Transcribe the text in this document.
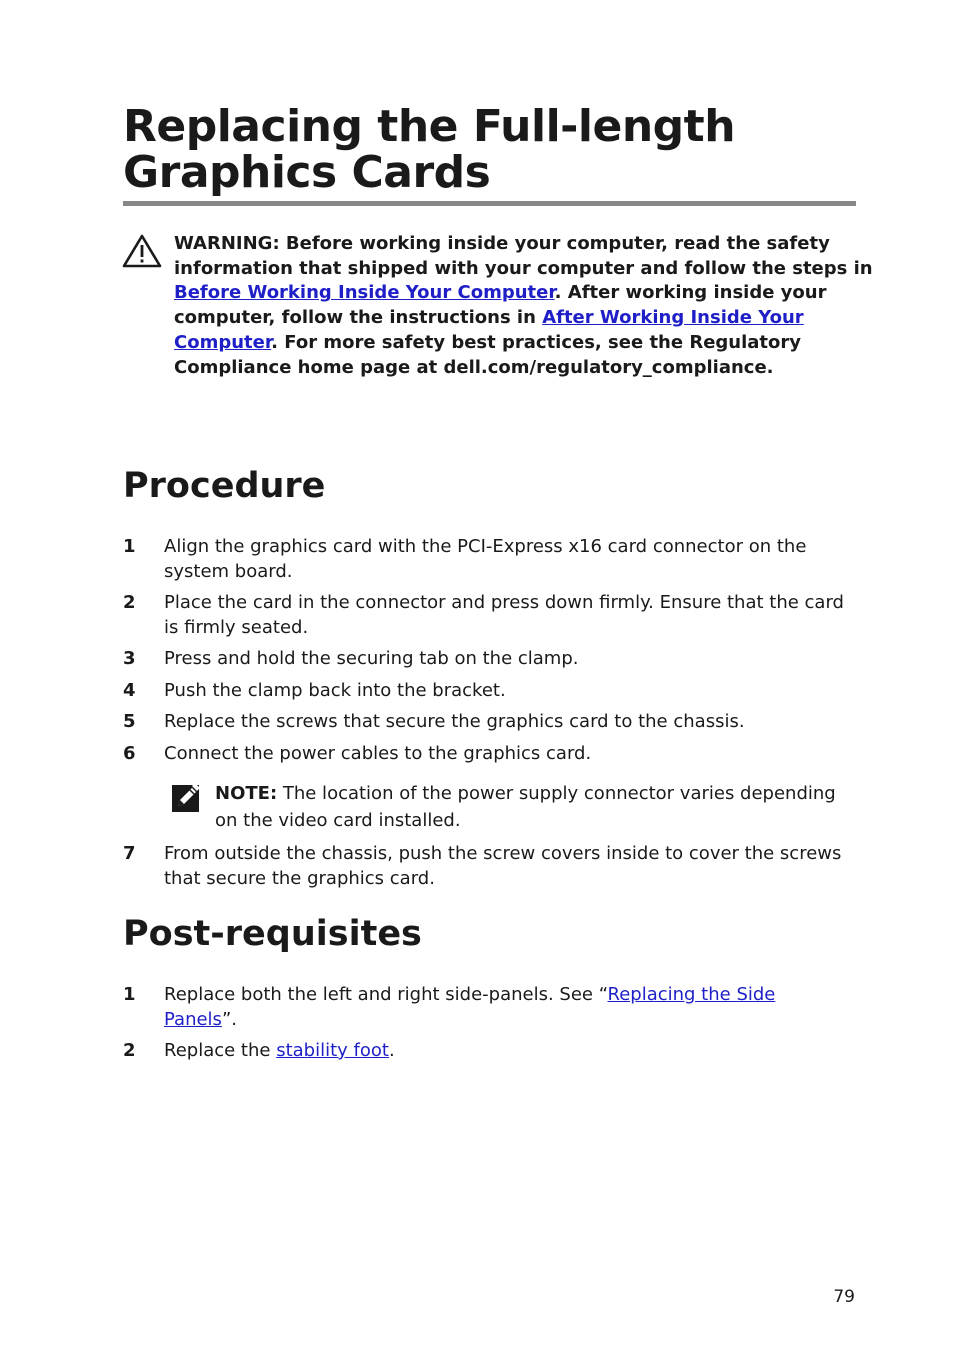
Replacing the Full-length Graphics Cards

WARNING: Before working inside your computer, read the safety information that shipped with your computer and follow the steps in Before Working Inside Your Computer. After working inside your computer, follow the instructions in After Working Inside Your Computer. For more safety best practices, see the Regulatory Compliance home page at dell.com/regulatory_compliance.

Procedure
1 Align the graphics card with the PCI-Express x16 card connector on the system board.
2 Place the card in the connector and press down firmly. Ensure that the card is firmly seated.
3 Press and hold the securing tab on the clamp.
4 Push the clamp back into the bracket.
5 Replace the screws that secure the graphics card to the chassis.
6 Connect the power cables to the graphics card.
NOTE: The location of the power supply connector varies depending on the video card installed.
7 From outside the chassis, push the screw covers inside to cover the screws that secure the graphics card.
Post-requisites
1 Replace both the left and right side-panels. See “Replacing the Side Panels”.
2 Replace the stability foot.
79
